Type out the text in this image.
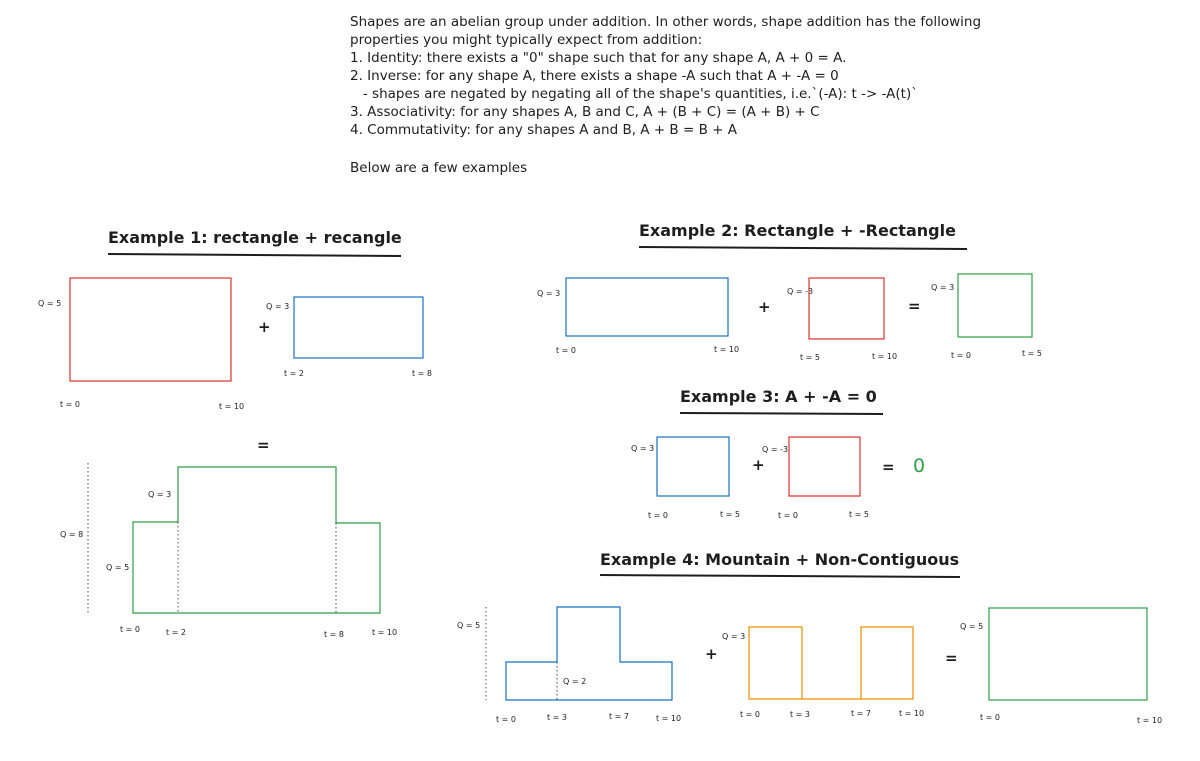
Shapes are an abelian group under addition. In other words, shape addition has the following
properties you might typically expect from addition:
1. Identity: there exists a "0" shape such that for any shape A, A + 0 = A.
2. Inverse: for any shape A, there exists a shape -A such that A + -A = 0
- shapes are negated by negating all of the shape's quantities, i.e.`(-A): t -> -A(t)`
3. Associativity: for any shapes A, B and C, A + (B + C) = (A + B) + C
4. Commutativity: for any shapes A and B, A + B = B + A
Below are a few examples
Example 1: rectangle + recangle
Q = 5
t = 0	t = 10
+
Q = 3
t = 2	t = 8
=
Q = 8
Q = 5
Q = 3
t = 0	t = 2	t = 8	t = 10
Example 2: Rectangle + -Rectangle
Q = 3
t = 0	t = 10
+
Q = -3
t = 5	t = 10
=
Q = 3
t = 0	t = 5
Example 3: A + -A = 0
Q = 3
t = 0	t = 5
+
Q = -3
t = 0	t = 5
= 0
Example 4: Mountain + Non-Contiguous
Q = 5
Q = 2
t = 0	t = 3	t = 7	t = 10
+
Q = 3
t = 0	t = 3	t = 7	t = 10
=
Q = 5
t = 0	t = 10
